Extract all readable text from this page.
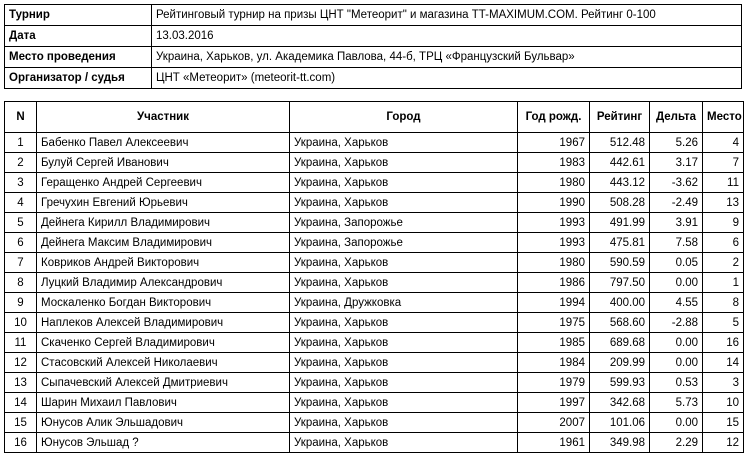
Турнир	Рейтинговый турнир на призы ЦНТ "Метеорит" и магазина TT-MAXIMUM.COM. Рейтинг 0-100
Дата	13.03.2016
Место проведения	Украина, Харьков, ул. Академика Павлова, 44-б, ТРЦ «Французский Бульвар»
Организатор / судья	ЦНТ «Метеорит» (meteorit-tt.com)
N	Участник	Город	Год рожд.	Рейтинг	Дельта	Место
1	Бабенко Павел Алексеевич	Украина, Харьков	1967	512.48	5.26	4
2	Булуй Сергей Иванович	Украина, Харьков	1983	442.61	3.17	7
3	Геращенко Андрей Сергеевич	Украина, Харьков	1980	443.12	-3.62	11
4	Гречухин Евгений Юрьевич	Украина, Харьков	1990	508.28	-2.49	13
5	Дейнега Кирилл Владимирович	Украина, Запорожье	1993	491.99	3.91	9
6	Дейнега Максим Владимирович	Украина, Запорожье	1993	475.81	7.58	6
7	Ковриков Андрей Викторович	Украина, Харьков	1980	590.59	0.05	2
8	Луцкий Владимир Александрович	Украина, Харьков	1986	797.50	0.00	1
9	Москаленко Богдан Викторович	Украина, Дружковка	1994	400.00	4.55	8
10	Наплеков Алексей Владимирович	Украина, Харьков	1975	568.60	-2.88	5
11	Скаченко Сергей Владимирович	Украина, Харьков	1985	689.68	0.00	16
12	Стасовский Алексей Николаевич	Украина, Харьков	1984	209.99	0.00	14
13	Сыпачевский Алексей Дмитриевич	Украина, Харьков	1979	599.93	0.53	3
14	Шарин Михаил Павлович	Украина, Харьков	1997	342.68	5.73	10
15	Юнусов Алик Эльшадович	Украина, Харьков	2007	101.06	0.00	15
16	Юнусов Эльшад ?	Украина, Харьков	1961	349.98	2.29	12
